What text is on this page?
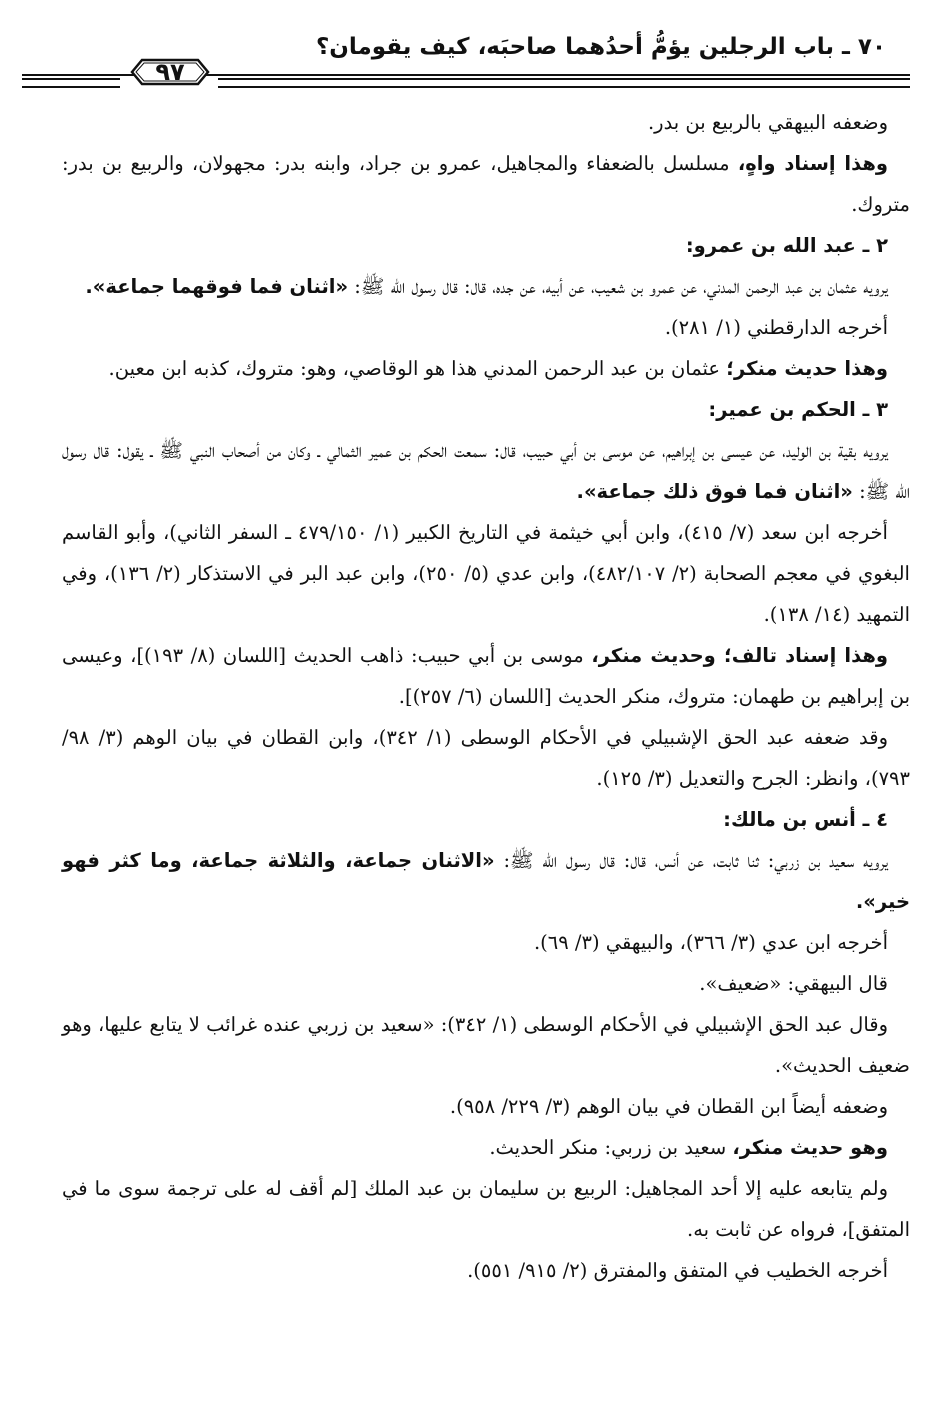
٧٠ ـ باب الرجلين يؤمُّ أحدُهما صاحبَه، كيف يقومان؟
٩٧

وضعفه البيهقي بالربيع بن بدر.

وهذا إسناد واهٍ، مسلسل بالضعفاء والمجاهيل، عمرو بن جراد، وابنه بدر: مجهولان، والربيع بن بدر: متروك.

٢ ـ عبد الله بن عمرو:

يرويه عثمان بن عبد الرحمن المدني، عن عمرو بن شعيب، عن أبيه، عن جده، قال: قال رسول الله ﷺ: «اثنان فما فوقهما جماعة».

أخرجه الدارقطني (١/ ٢٨١).

وهذا حديث منكر؛ عثمان بن عبد الرحمن المدني هذا هو الوقاصي، وهو: متروك، كذبه ابن معين.

٣ ـ الحكم بن عمير:

يرويه بقية بن الوليد، عن عيسى بن إبراهيم، عن موسى بن أبي حبيب، قال: سمعت الحكم بن عمير الثمالي ـ وكان من أصحاب النبي ﷺ ـ يقول: قال رسول الله ﷺ: «اثنان فما فوق ذلك جماعة».

أخرجه ابن سعد (٧/ ٤١٥)، وابن أبي خيثمة في التاريخ الكبير (١/ ٤٧٩/١٥٠ ـ السفر الثاني)، وأبو القاسم البغوي في معجم الصحابة (٢/ ٤٨٢/١٠٧)، وابن عدي (٥/ ٢٥٠)، وابن عبد البر في الاستذكار (٢/ ١٣٦)، وفي التمهيد (١٤/ ١٣٨).

وهذا إسناد تالف؛ وحديث منكر، موسى بن أبي حبيب: ذاهب الحديث [اللسان (٨/ ١٩٣)]، وعيسى بن إبراهيم بن طهمان: متروك، منكر الحديث [اللسان (٦/ ٢٥٧)].

وقد ضعفه عبد الحق الإشبيلي في الأحكام الوسطى (١/ ٣٤٢)، وابن القطان في بيان الوهم (٣/ ٩٨/ ٧٩٣)، وانظر: الجرح والتعديل (٣/ ١٢٥).

٤ ـ أنس بن مالك:

يرويه سعيد بن زربي: ثنا ثابت، عن أنس، قال: قال رسول الله ﷺ: «الاثنان جماعة، والثلاثة جماعة، وما كثر فهو خير».

أخرجه ابن عدي (٣/ ٣٦٦)، والبيهقي (٣/ ٦٩).

قال البيهقي: «ضعيف».

وقال عبد الحق الإشبيلي في الأحكام الوسطى (١/ ٣٤٢): «سعيد بن زربي عنده غرائب لا يتابع عليها، وهو ضعيف الحديث».

وضعفه أيضاً ابن القطان في بيان الوهم (٣/ ٢٢٩/ ٩٥٨).

وهو حديث منكر، سعيد بن زربي: منكر الحديث.

ولم يتابعه عليه إلا أحد المجاهيل: الربيع بن سليمان بن عبد الملك [لم أقف له على ترجمة سوى ما في المتفق]، فرواه عن ثابت به.

أخرجه الخطيب في المتفق والمفترق (٢/ ٩١٥/ ٥٥١).
